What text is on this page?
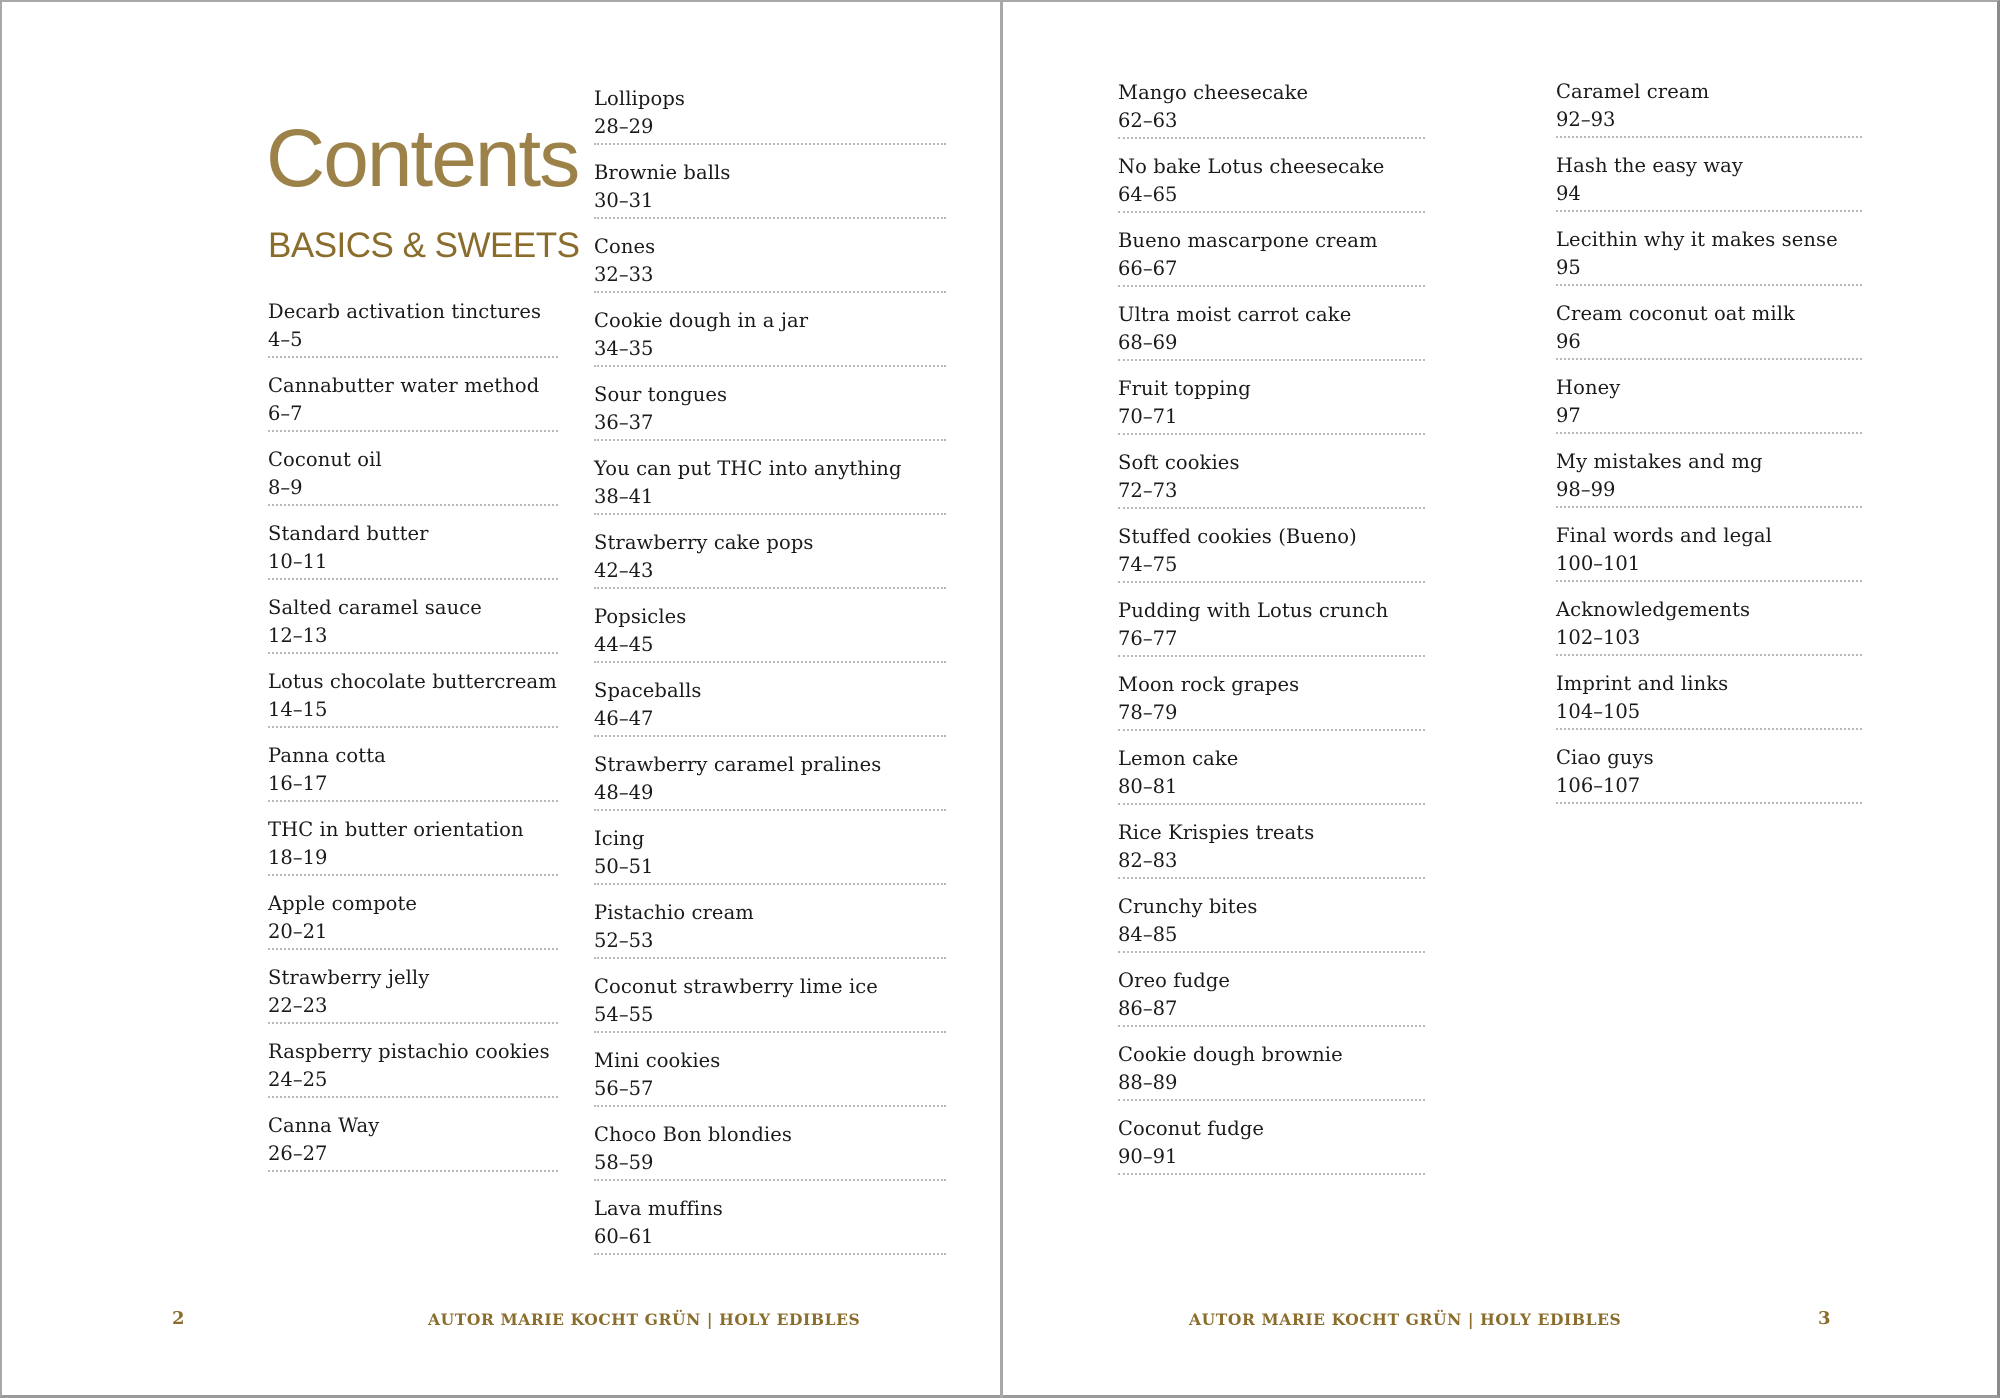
Contents
BASICS & SWEETS
Decarb activation tinctures
4–5
Cannabutter water method
6–7
Coconut oil
8–9
Standard butter
10–11
Salted caramel sauce
12–13
Lotus chocolate buttercream
14–15
Panna cotta
16–17
THC in butter orientation
18–19
Apple compote
20–21
Strawberry jelly
22–23
Raspberry pistachio cookies
24–25
Canna Way
26–27
Lollipops
28–29
Brownie balls
30–31
Cones
32–33
Cookie dough in a jar
34–35
Sour tongues
36–37
You can put THC into anything
38–41
Strawberry cake pops
42–43
Popsicles
44–45
Spaceballs
46–47
Strawberry caramel pralines
48–49
Icing
50–51
Pistachio cream
52–53
Coconut strawberry lime ice
54–55
Mini cookies
56–57
Choco Bon blondies
58–59
Lava muffins
60–61
2	AUTOR MARIE KOCHT GRÜN | HOLY EDIBLES
Mango cheesecake
62–63
No bake Lotus cheesecake
64–65
Bueno mascarpone cream
66–67
Ultra moist carrot cake
68–69
Fruit topping
70–71
Soft cookies
72–73
Stuffed cookies (Bueno)
74–75
Pudding with Lotus crunch
76–77
Moon rock grapes
78–79
Lemon cake
80–81
Rice Krispies treats
82–83
Crunchy bites
84–85
Oreo fudge
86–87
Cookie dough brownie
88–89
Coconut fudge
90–91
Caramel cream
92–93
Hash the easy way
94
Lecithin why it makes sense
95
Cream coconut oat milk
96
Honey
97
My mistakes and mg
98–99
Final words and legal
100–101
Acknowledgements
102–103
Imprint and links
104–105
Ciao guys
106–107
AUTOR MARIE KOCHT GRÜN | HOLY EDIBLES	3
